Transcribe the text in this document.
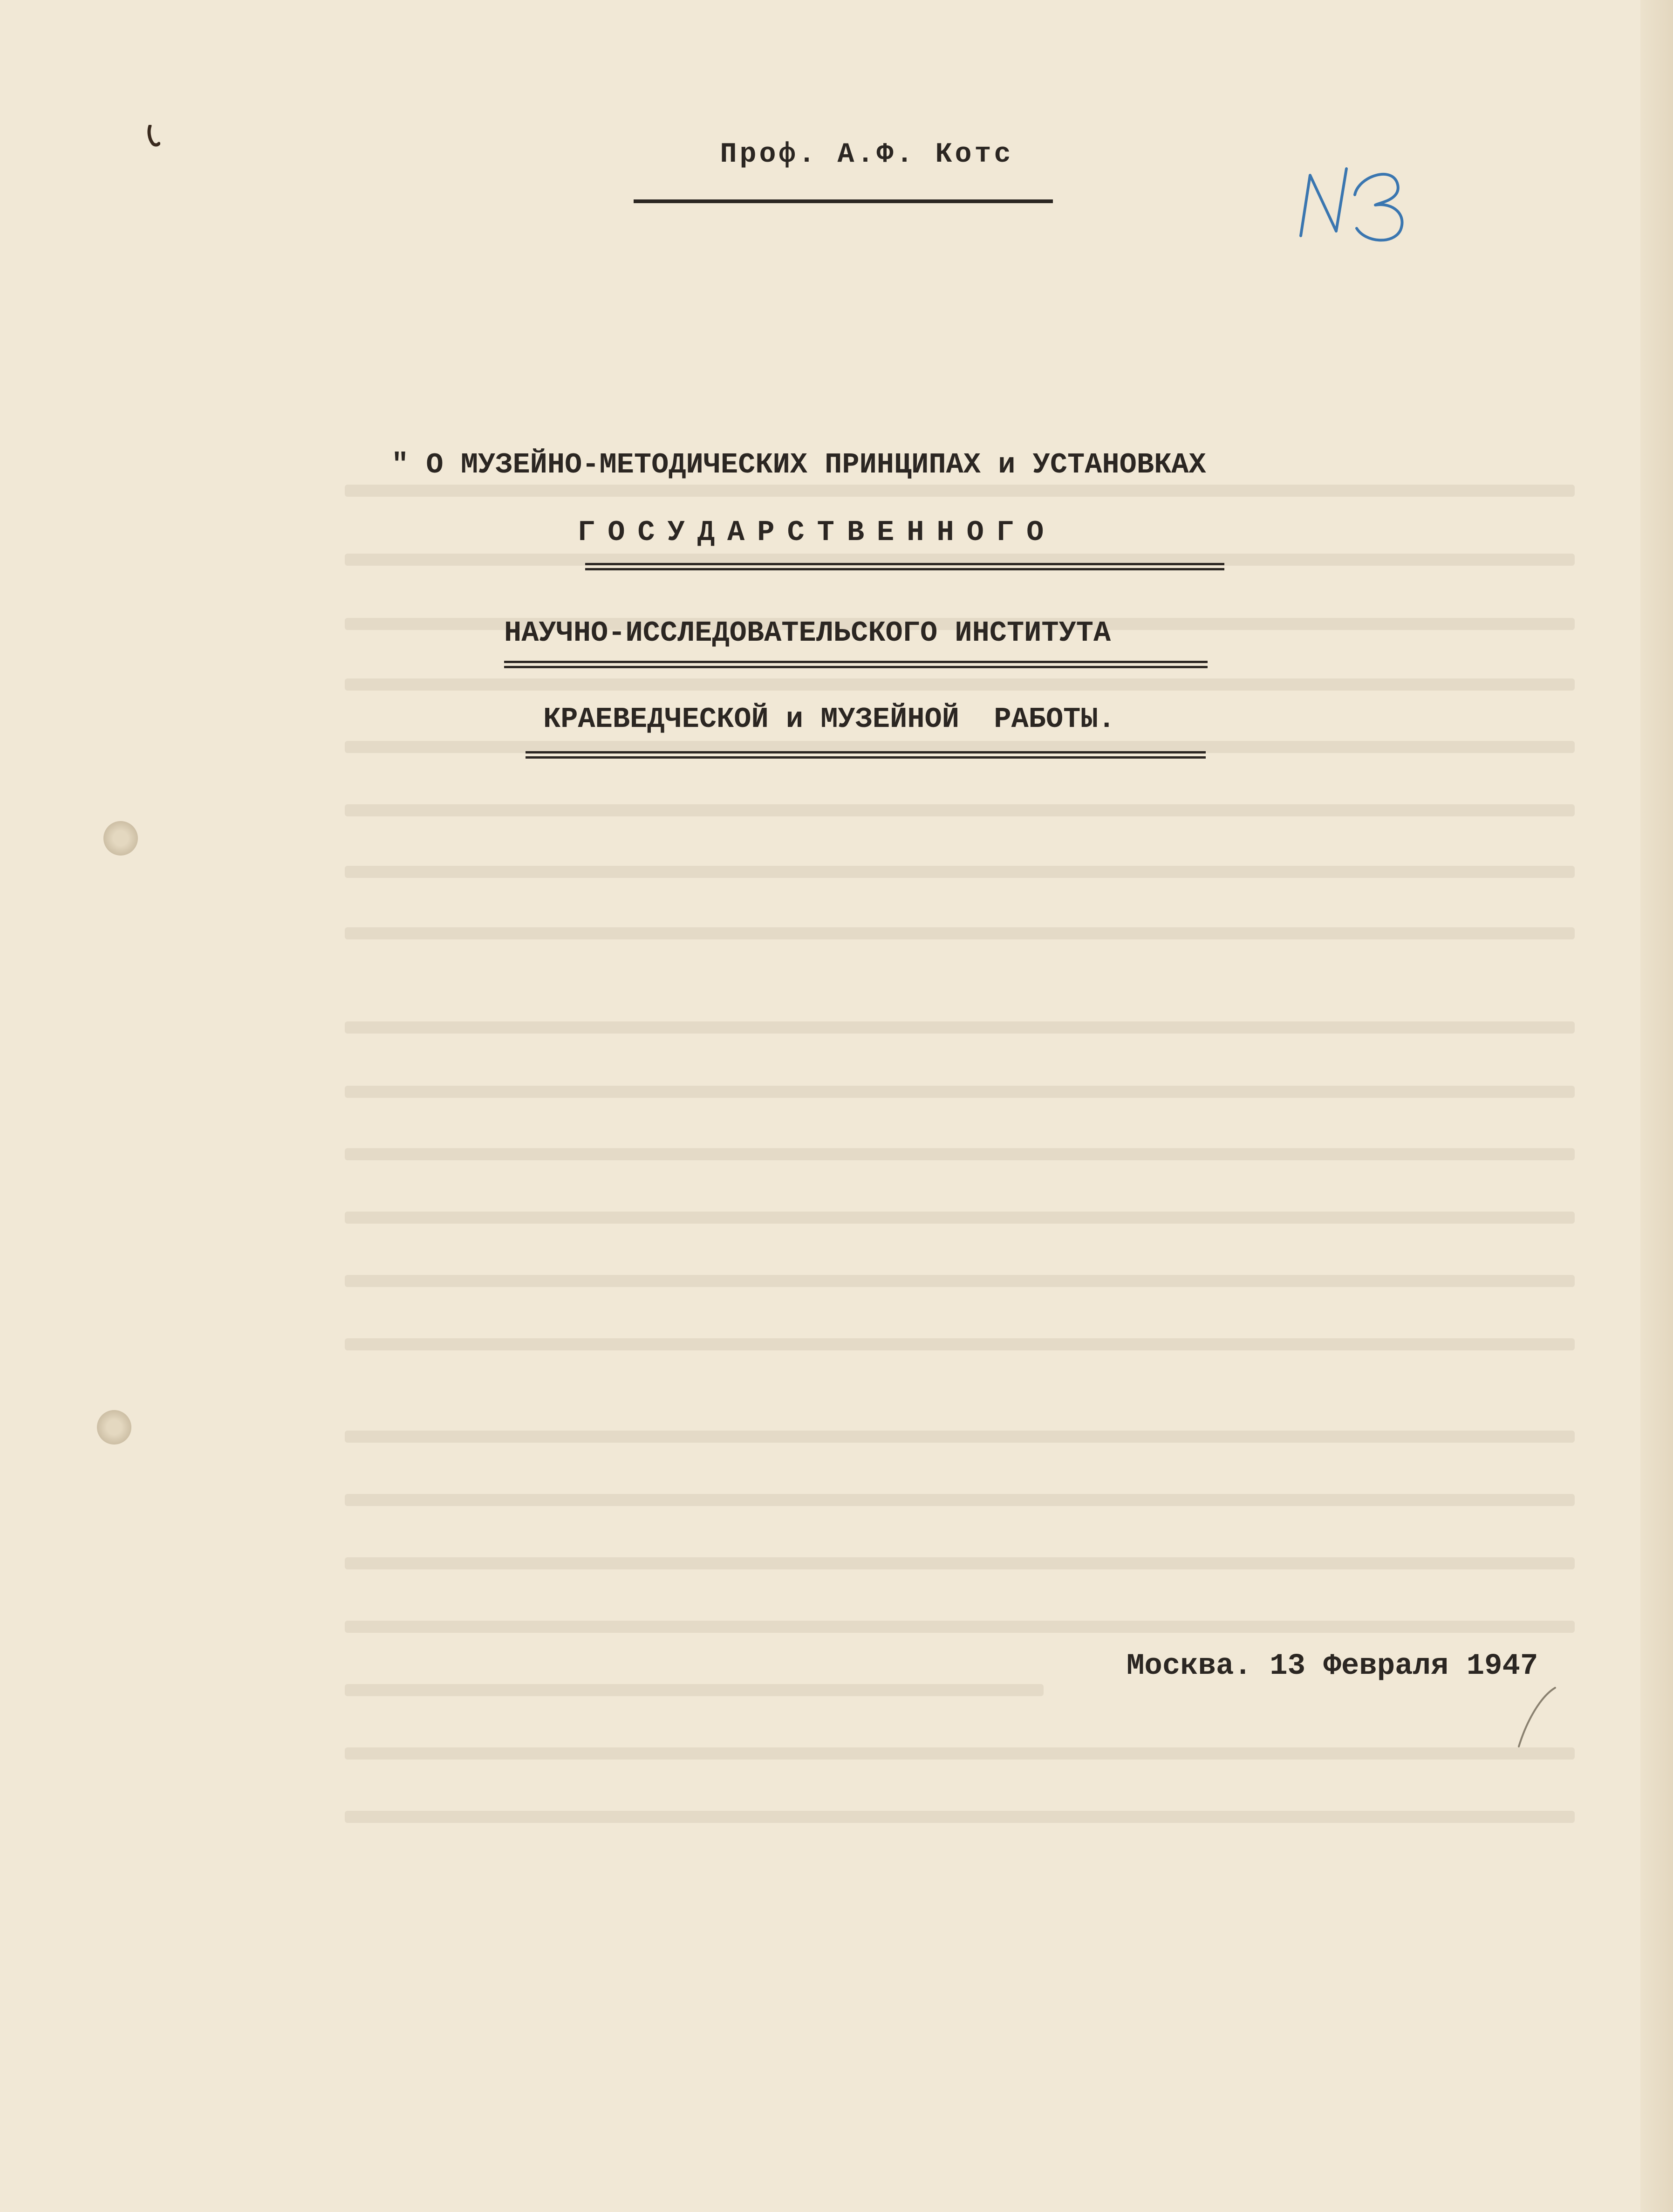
Проф. А.Ф. Котс
" О МУЗЕЙНО-МЕТОДИЧЕСКИХ ПРИНЦИПАХ и УСТАНОВКАХ
ГОСУДАРСТВЕННОГО
НАУЧНО-ИССЛЕДОВАТЕЛЬСКОГО ИНСТИТУТА
КРАЕВЕДЧЕСКОЙ и МУЗЕЙНОЙ  РАБОТЫ.
Москва. 13 Февраля 1947
